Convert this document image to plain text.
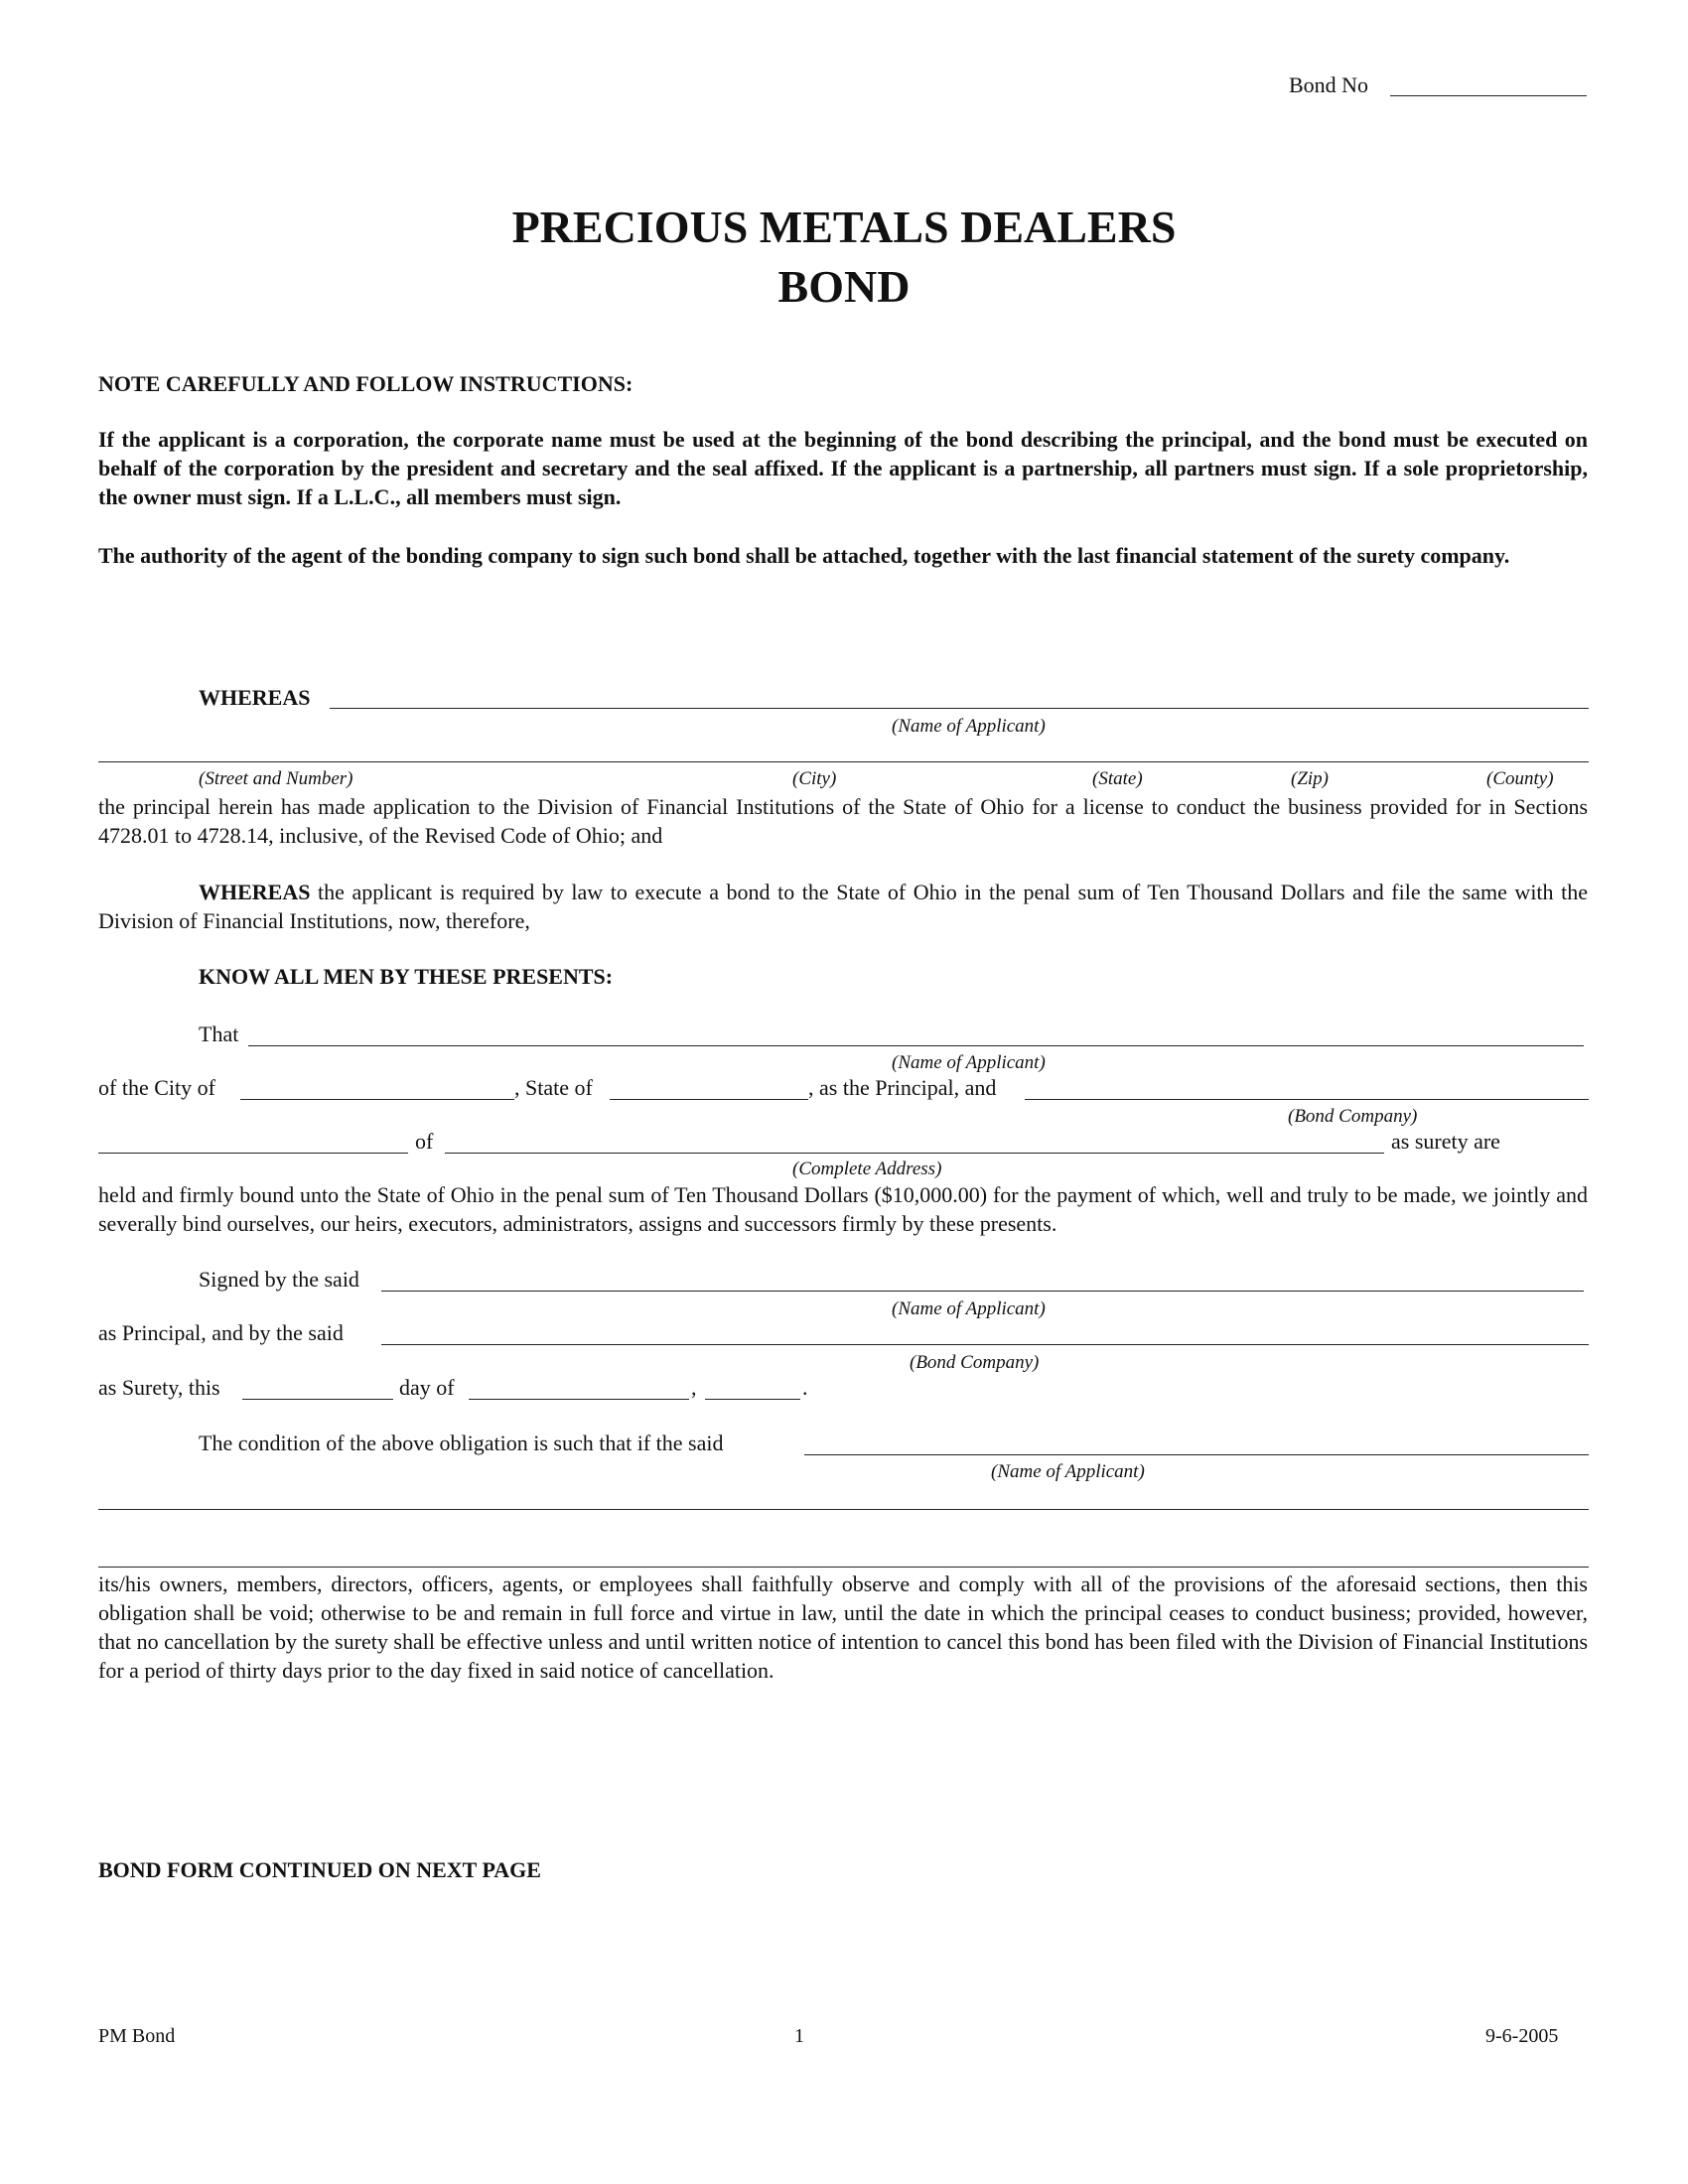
Bond No
PRECIOUS METALS DEALERS
BOND
NOTE CAREFULLY AND FOLLOW INSTRUCTIONS:
If the applicant is a corporation, the corporate name must be used at the beginning of the bond describing the principal, and the bond must be executed on behalf of the corporation by the president and secretary and the seal affixed. If the applicant is a partnership, all partners must sign. If a sole proprietorship, the owner must sign. If a L.L.C., all members must sign.
The authority of the agent of the bonding company to sign such bond shall be attached, together with the last financial statement of the surety company.
WHEREAS
(Name of Applicant)
(Street and Number)	(City)	(State)	(Zip)	(County)
the principal herein has made application to the Division of Financial Institutions of the State of Ohio for a license to conduct the business provided for in Sections 4728.01 to 4728.14, inclusive, of the Revised Code of Ohio; and
WHEREAS the applicant is required by law to execute a bond to the State of Ohio in the penal sum of Ten Thousand Dollars and file the same with the Division of Financial Institutions, now, therefore,
KNOW ALL MEN BY THESE PRESENTS:
That
(Name of Applicant)
of the City of	, State of	, as the Principal, and
(Bond Company)
of	as surety are
(Complete Address)
held and firmly bound unto the State of Ohio in the penal sum of Ten Thousand Dollars ($10,000.00) for the payment of which, well and truly to be made, we jointly and severally bind ourselves, our heirs, executors, administrators, assigns and successors firmly by these presents.
Signed by the said
(Name of Applicant)
as Principal, and by the said
(Bond Company)
as Surety, this	day of	,	.
The condition of the above obligation is such that if the said
(Name of Applicant)
its/his owners, members, directors, officers, agents, or employees shall faithfully observe and comply with all of the provisions of the aforesaid sections, then this obligation shall be void; otherwise to be and remain in full force and virtue in law, until the date in which the principal ceases to conduct business; provided, however, that no cancellation by the surety shall be effective unless and until written notice of intention to cancel this bond has been filed with the Division of Financial Institutions for a period of thirty days prior to the day fixed in said notice of cancellation.
BOND FORM CONTINUED ON NEXT PAGE
PM Bond	1	9-6-2005
